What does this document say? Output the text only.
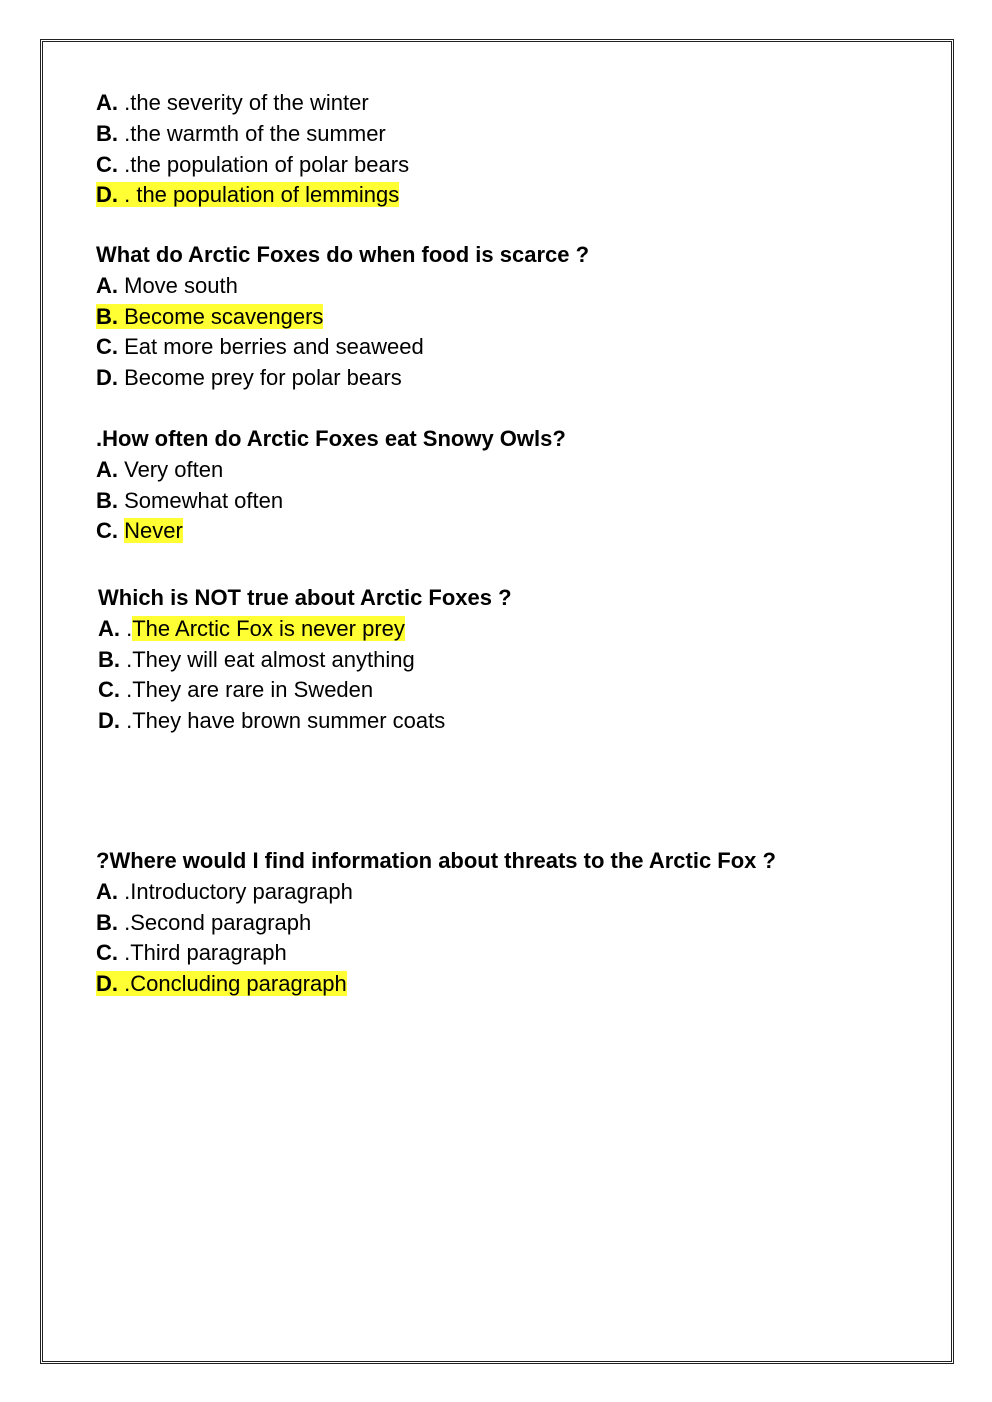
A. .the severity of the winter
B. .the warmth of the summer
C. .the population of polar bears
D. . the population of lemmings
What do Arctic Foxes do when food is scarce ?
A. Move south
B. Become scavengers
C. Eat more berries and seaweed
D. Become prey for polar bears
.How often do Arctic Foxes eat Snowy Owls?
A. Very often
B. Somewhat often
C. Never
Which is NOT true about Arctic Foxes ?
A. .The Arctic Fox is never prey
B. .They will eat almost anything
C. .They are rare in Sweden
D. .They have brown summer coats
?Where would I find information about threats to the Arctic Fox ?
A. .Introductory paragraph
B. .Second paragraph
C. .Third paragraph
D. .Concluding paragraph
